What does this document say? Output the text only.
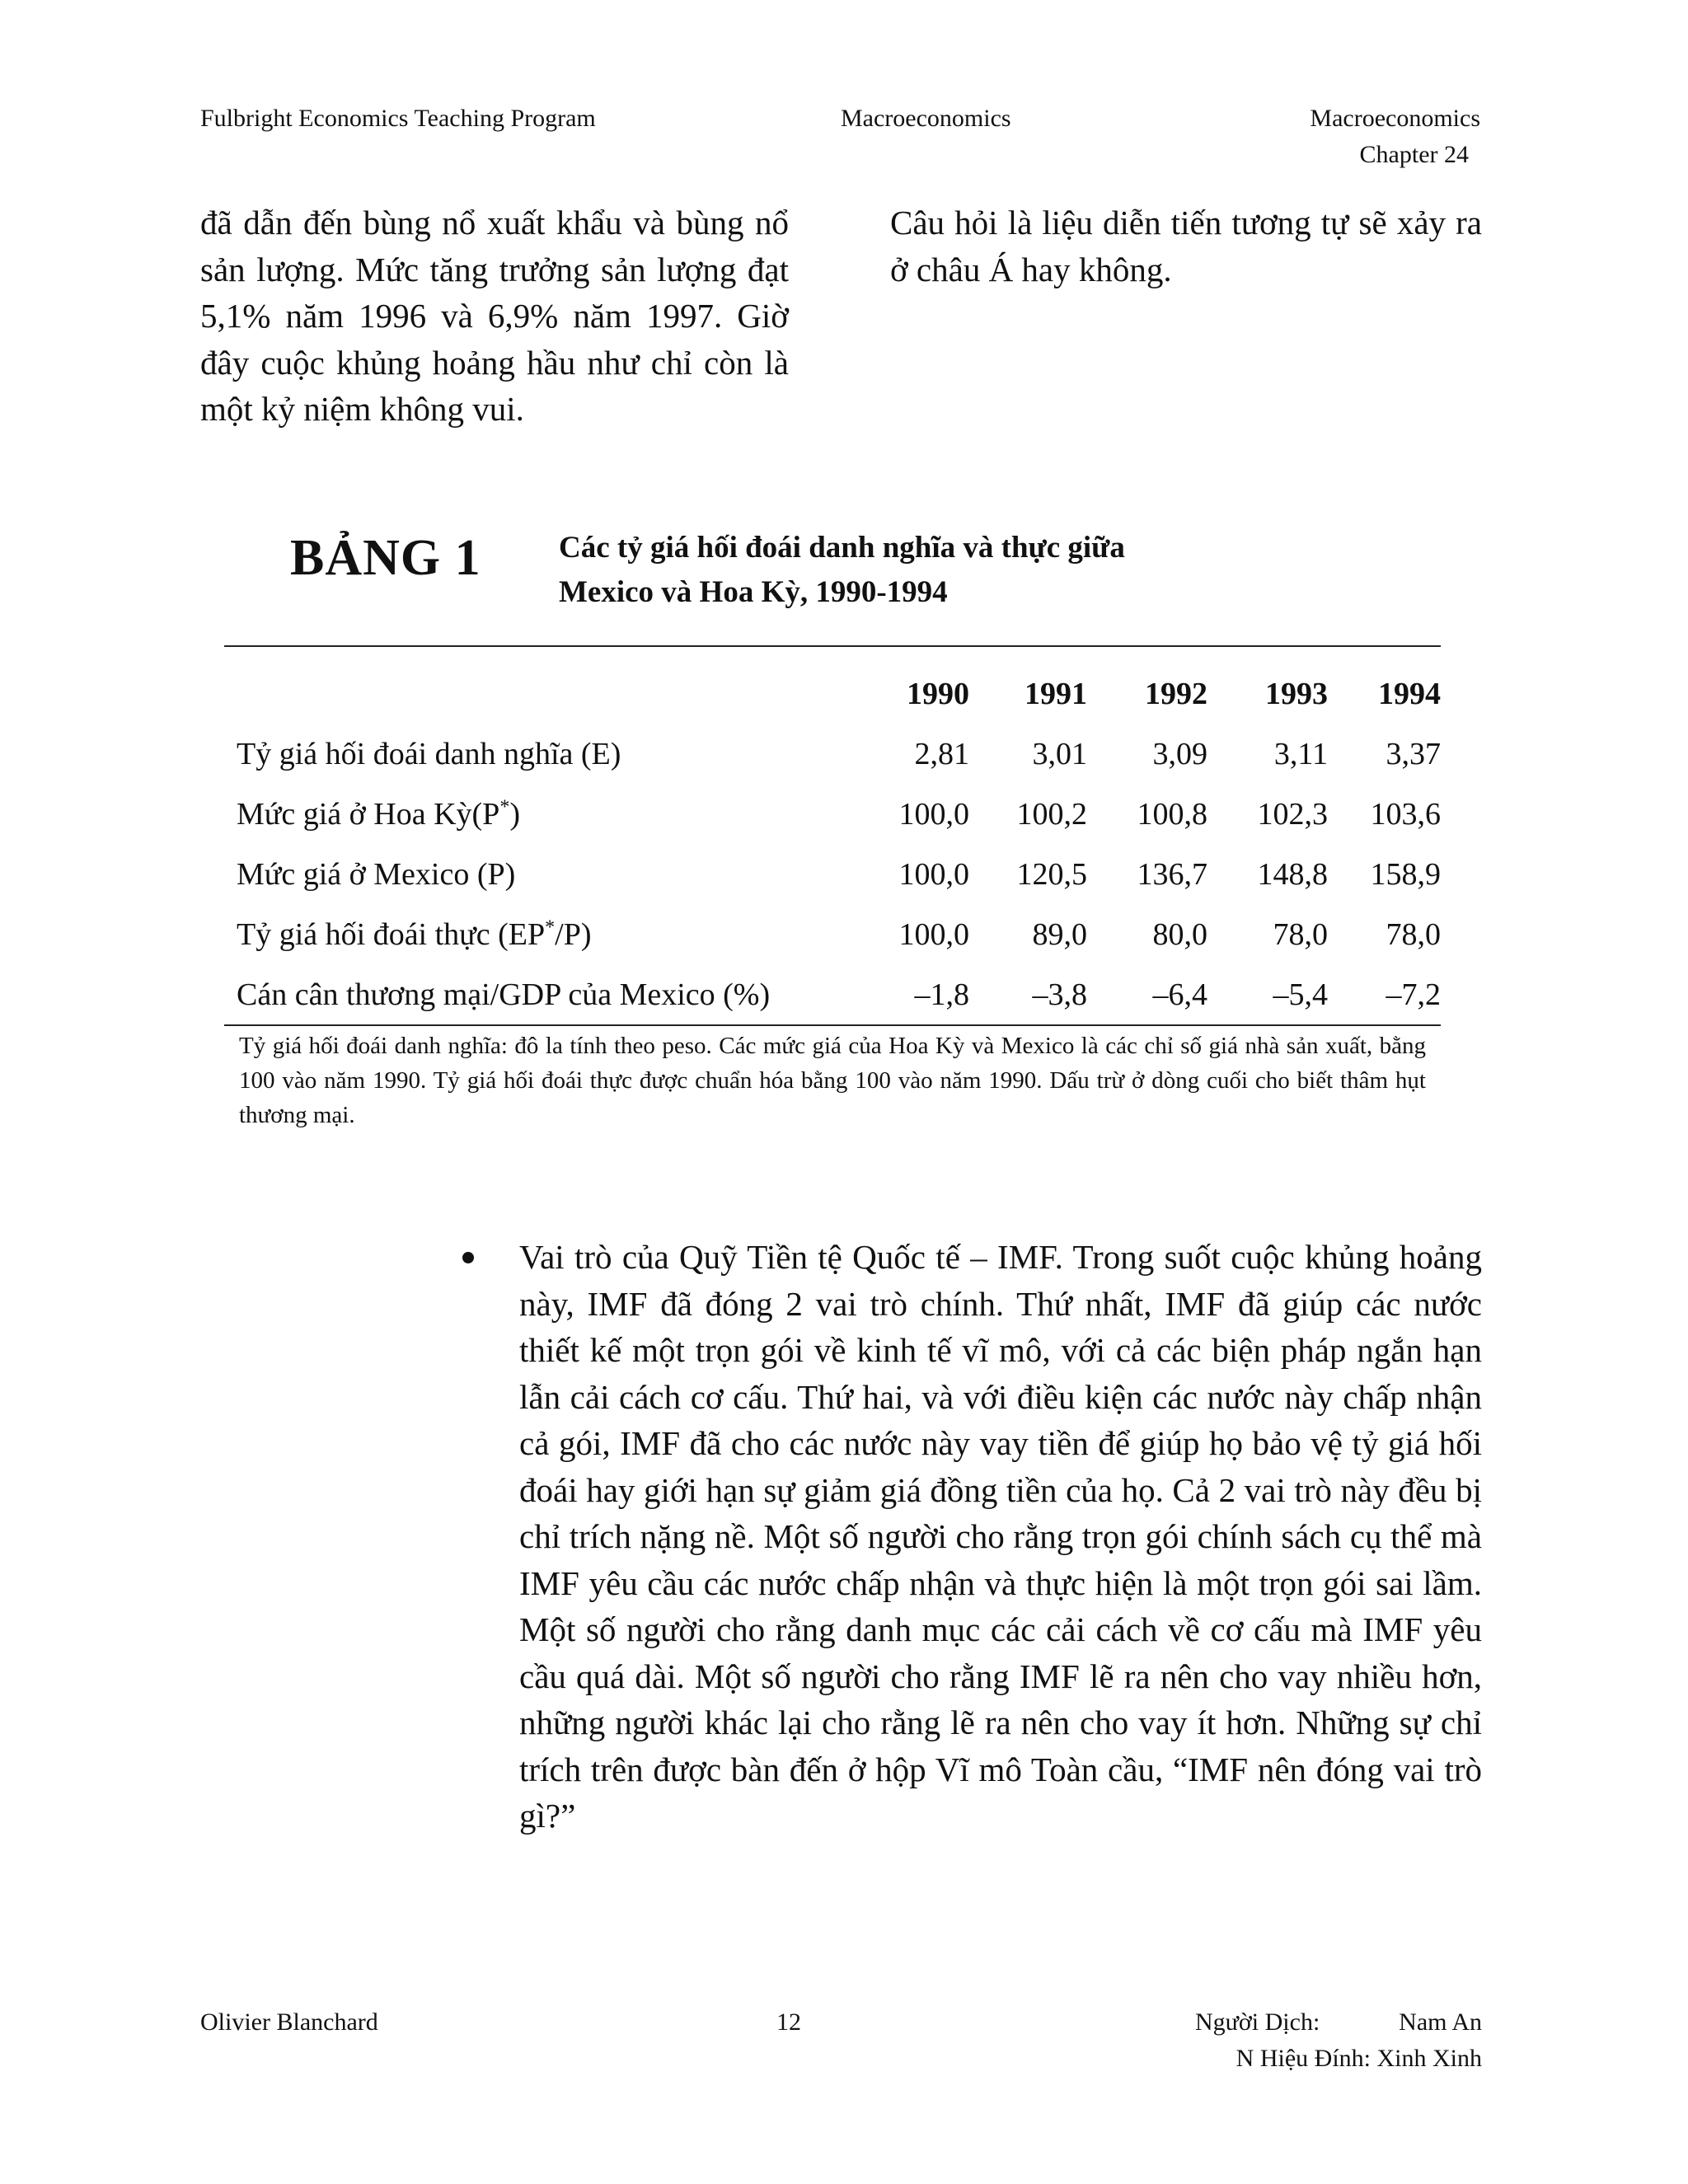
Fulbright Economics Teaching Program	Macroeconomics	Macroeconomics
Chapter 24

đã dẫn đến bùng nổ xuất khẩu và bùng nổ sản lượng. Mức tăng trưởng sản lượng đạt 5,1% năm 1996 và 6,9% năm 1997. Giờ đây cuộc khủng hoảng hầu như chỉ còn là một kỷ niệm không vui.

Câu hỏi là liệu diễn tiến tương tự sẽ xảy ra ở châu Á hay không.

BẢNG 1	Các tỷ giá hối đoái danh nghĩa và thực giữa
Mexico và Hoa Kỳ, 1990-1994
	1990	1991	1992	1993	1994
Tỷ giá hối đoái danh nghĩa (E)	2,81	3,01	3,09	3,11	3,37
Mức giá ở Hoa Kỳ(P*)	100,0	100,2	100,8	102,3	103,6
Mức giá ở Mexico (P)	100,0	120,5	136,7	148,8	158,9
Tỷ giá hối đoái thực (EP*/P)	100,0	89,0	80,0	78,0	78,0
Cán cân thương mại/GDP của Mexico (%)	–1,8	–3,8	–6,4	–5,4	–7,2
Tỷ giá hối đoái danh nghĩa: đô la tính theo peso. Các mức giá của Hoa Kỳ và Mexico là các chỉ số giá nhà sản xuất, bằng 100 vào năm 1990. Tỷ giá hối đoái thực được chuẩn hóa bằng 100 vào năm 1990. Dấu trừ ở dòng cuối cho biết thâm hụt thương mại.
Vai trò của Quỹ Tiền tệ Quốc tế – IMF. Trong suốt cuộc khủng hoảng này, IMF đã đóng 2 vai trò chính. Thứ nhất, IMF đã giúp các nước thiết kế một trọn gói về kinh tế vĩ mô, với cả các biện pháp ngắn hạn lẫn cải cách cơ cấu. Thứ hai, và với điều kiện các nước này chấp nhận cả gói, IMF đã cho các nước này vay tiền để giúp họ bảo vệ tỷ giá hối đoái hay giới hạn sự giảm giá đồng tiền của họ. Cả 2 vai trò này đều bị chỉ trích nặng nề. Một số người cho rằng trọn gói chính sách cụ thể mà IMF yêu cầu các nước chấp nhận và thực hiện là một trọn gói sai lầm. Một số người cho rằng danh mục các cải cách về cơ cấu mà IMF yêu cầu quá dài. Một số người cho rằng IMF lẽ ra nên cho vay nhiều hơn, những người khác lại cho rằng lẽ ra nên cho vay ít hơn. Những sự chỉ trích trên được bàn đến ở hộp Vĩ mô Toàn cầu, “IMF nên đóng vai trò gì?”
Olivier Blanchard	12	Người Dịch:	Nam An
N Hiệu Đính: Xinh Xinh
